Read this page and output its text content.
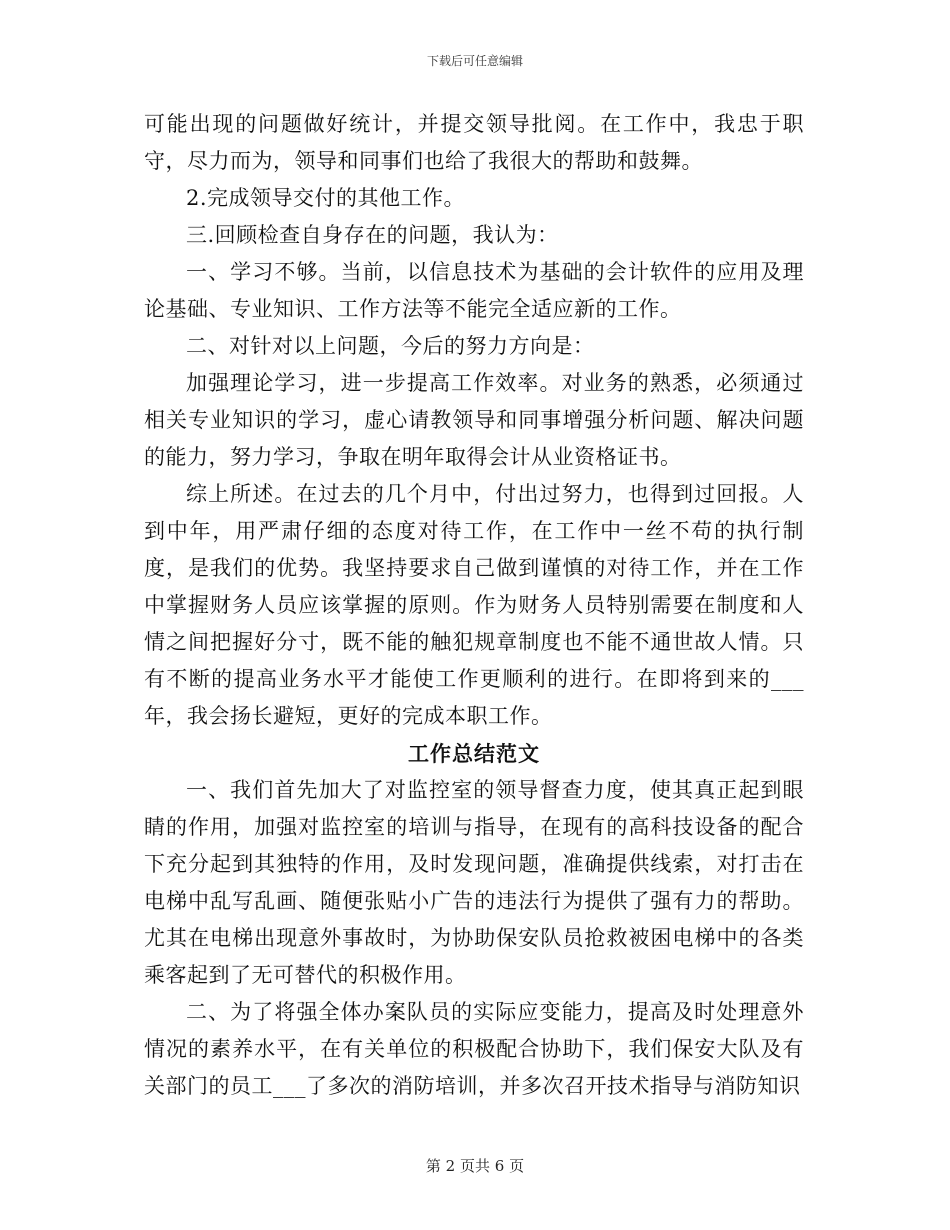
下载后可任意编辑

可能出现的问题做好统计，并提交领导批阅。在工作中，我忠于职守，尽力而为，领导和同事们也给了我很大的帮助和鼓舞。

2.完成领导交付的其他工作。

三.回顾检查自身存在的问题，我认为：

一、学习不够。当前，以信息技术为基础的会计软件的应用及理论基础、专业知识、工作方法等不能完全适应新的工作。

二、对针对以上问题，今后的努力方向是：

加强理论学习，进一步提高工作效率。对业务的熟悉，必须通过相关专业知识的学习，虚心请教领导和同事增强分析问题、解决问题的能力，努力学习，争取在明年取得会计从业资格证书。

综上所述。在过去的几个月中，付出过努力，也得到过回报。人到中年，用严肃仔细的态度对待工作，在工作中一丝不苟的执行制度，是我们的优势。我坚持要求自己做到谨慎的对待工作，并在工作中掌握财务人员应该掌握的原则。作为财务人员特别需要在制度和人情之间把握好分寸，既不能的触犯规章制度也不能不通世故人情。只有不断的提高业务水平才能使工作更顺利的进行。在即将到来的___年，我会扬长避短，更好的完成本职工作。

工作总结范文

一、我们首先加大了对监控室的领导督查力度，使其真正起到眼睛的作用，加强对监控室的培训与指导，在现有的高科技设备的配合下充分起到其独特的作用，及时发现问题，准确提供线索，对打击在电梯中乱写乱画、随便张贴小广告的违法行为提供了强有力的帮助。尤其在电梯出现意外事故时，为协助保安队员抢救被困电梯中的各类乘客起到了无可替代的积极作用。

二、为了将强全体办案队员的实际应变能力，提高及时处理意外情况的素养水平，在有关单位的积极配合协助下，我们保安大队及有关部门的员工___了多次的消防培训，并多次召开技术指导与消防知识

第 2 页共 6 页
